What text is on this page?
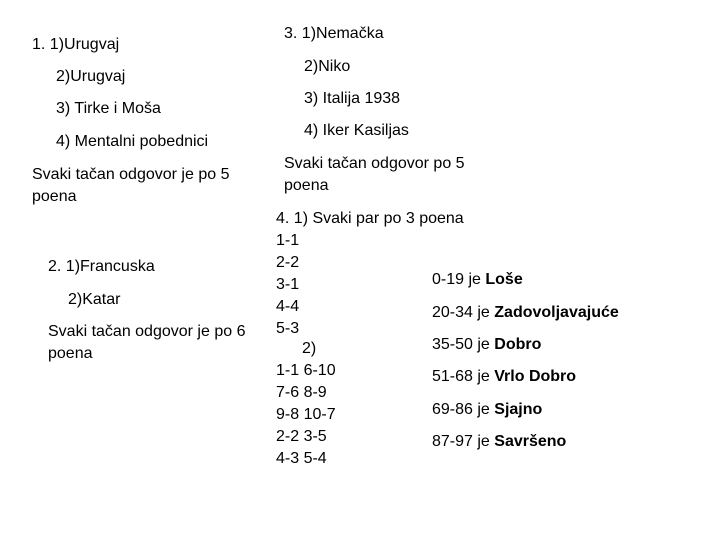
1. 1)Urugvaj
2)Urugvaj
3) Tirke i Moša
4) Mentalni pobednici
Svaki tačan odgovor je po 5 poena
2. 1)Francuska
2)Katar
Svaki tačan odgovor je po 6 poena
3. 1)Nemačka
2)Niko
3) Italija 1938
4) Iker Kasiljas
Svaki tačan odgovor po 5 poena
4. 1) Svaki par po 3 poena
1-1
2-2
3-1
4-4
5-3
2)
1-1 6-10
7-6 8-9
9-8 10-7
2-2 3-5
4-3 5-4
0-19 je Loše
20-34 je Zadovoljavajuće
35-50 je Dobro
51-68 je Vrlo Dobro
69-86 je Sjajno
87-97 je Savršeno
